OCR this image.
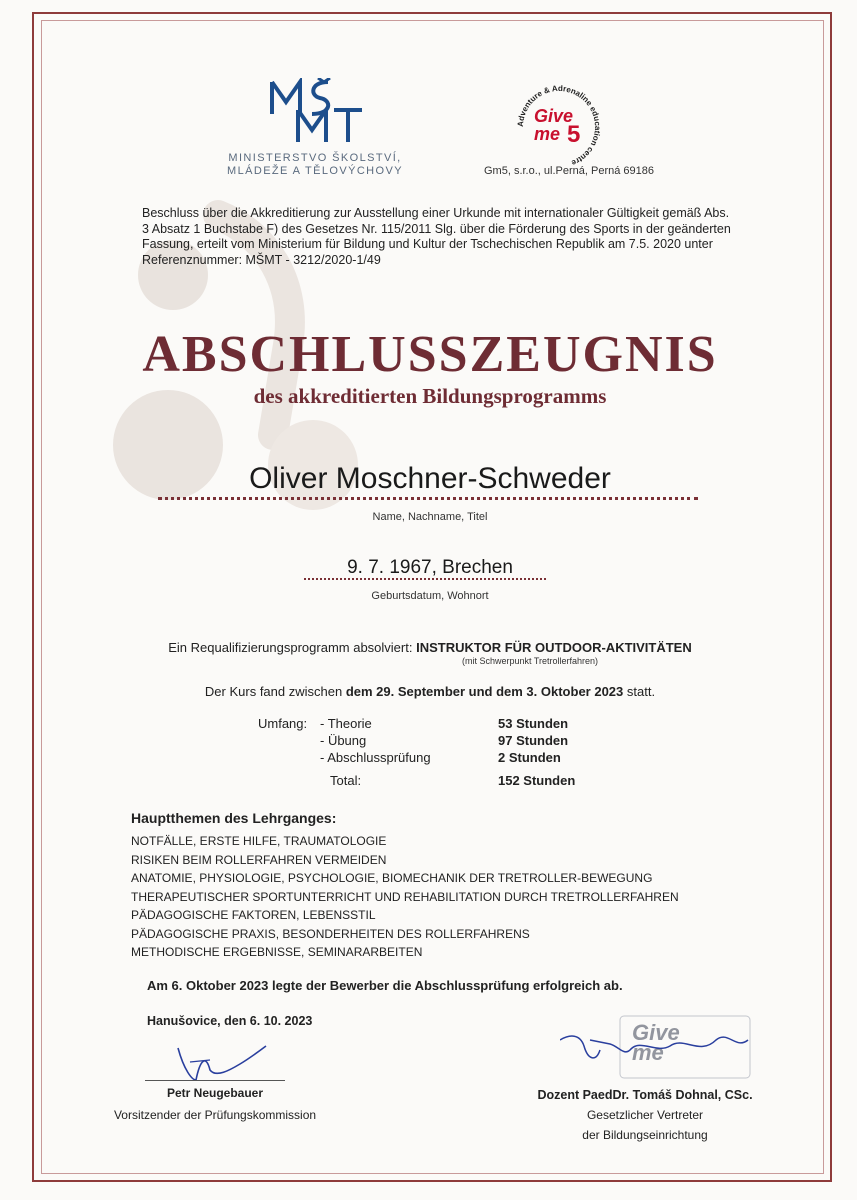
MINISTERSTVO ŠKOLSTVÍ,
MLÁDEŽE A TĚLOVÝCHOVY
Adventure & Adrenaline education centre
Give
me 5
Gm5, s.r.o., ul.Perná, Perná 69186
Beschluss über die Akkreditierung zur Ausstellung einer Urkunde mit internationaler Gültigkeit gemäß Abs.
3 Absatz 1 Buchstabe F) des Gesetzes Nr. 115/2011 Slg. über die Förderung des Sports in der geänderten
Fassung, erteilt vom Ministerium für Bildung und Kultur der Tschechischen Republik am 7.5. 2020 unter
Referenznummer: MŠMT - 3212/2020-1/49
ABSCHLUSSZEUGNIS
des akkreditierten Bildungsprogramms
Oliver Moschner-Schweder
Name, Nachname, Titel
9. 7. 1967, Brechen
Geburtsdatum, Wohnort
Ein Requalifizierungsprogramm absolviert: INSTRUKTOR FÜR OUTDOOR-AKTIVITÄTEN
(mit Schwerpunkt Tretrollerfahren)
Der Kurs fand zwischen dem 29. September und dem 3. Oktober 2023 statt.
Umfang: - Theorie	53 Stunden
- Übung	97 Stunden
- Abschlussprüfung	2 Stunden
Total:	152 Stunden
Hauptthemen des Lehrganges:
NOTFÄLLE, ERSTE HILFE, TRAUMATOLOGIE
RISIKEN BEIM ROLLERFAHREN VERMEIDEN
ANATOMIE, PHYSIOLOGIE, PSYCHOLOGIE, BIOMECHANIK DER TRETROLLER-BEWEGUNG
THERAPEUTISCHER SPORTUNTERRICHT UND REHABILITATION DURCH TRETROLLERFAHREN
PÄDAGOGISCHE FAKTOREN, LEBENSSTIL
PÄDAGOGISCHE PRAXIS, BESONDERHEITEN DES ROLLERFAHRENS
METHODISCHE ERGEBNISSE, SEMINARARBEITEN
Am 6. Oktober 2023 legte der Bewerber die Abschlussprüfung erfolgreich ab.
Hanušovice, den 6. 10. 2023
Petr Neugebauer
Vorsitzender der Prüfungskommission
Give
me
Dozent PaedDr. Tomáš Dohnal, CSc.
Gesetzlicher Vertreter
der Bildungseinrichtung
